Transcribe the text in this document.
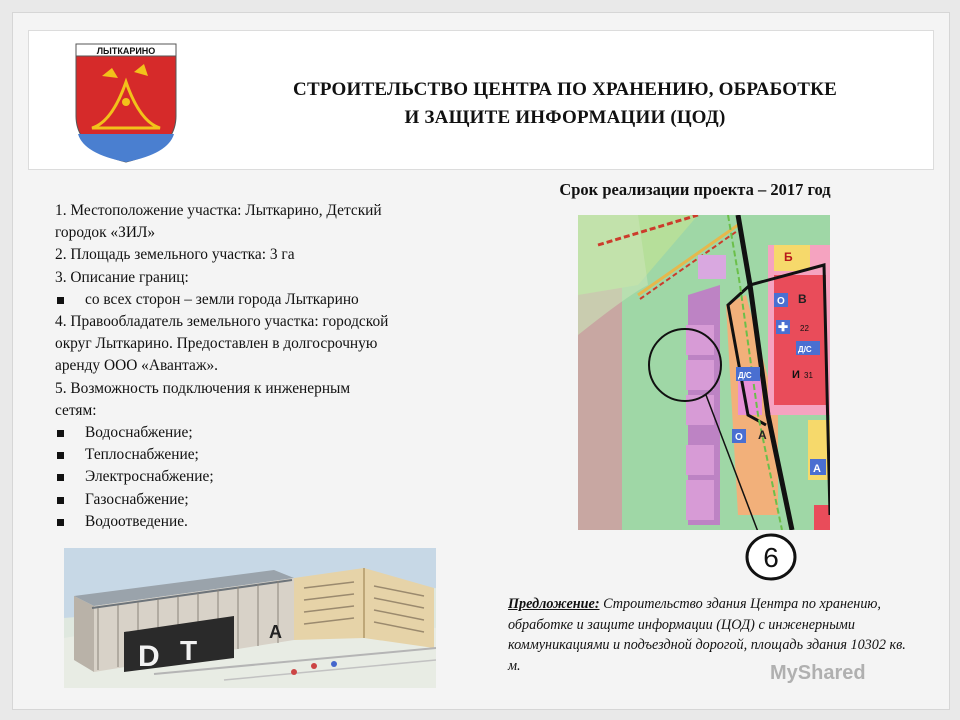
ЛЫТКАРИНО
СТРОИТЕЛЬСТВО ЦЕНТРА ПО ХРАНЕНИЮ, ОБРАБОТКЕ
И ЗАЩИТЕ ИНФОРМАЦИИ (ЦОД)
1. Местоположение участка: Лыткарино, Детский
городок «ЗИЛ»
2. Площадь земельного участка: 3 га
3. Описание границ:
со всех сторон – земли города Лыткарино
4. Правообладатель земельного участка: городской
округ Лыткарино. Предоставлен в долгосрочную
аренду ООО «Авантаж».
5. Возможность подключения к инженерным
сетям:
Водоснабжение;
Теплоснабжение;
Электроснабжение;
Газоснабжение;
Водоотведение.
Срок реализации проекта – 2017 год
Б
В
О
✚ 22
Д/С
Д/С	И 31
О А
А
6
D T
A
Предложение: Строительство здания Центра по хранению, обработке и защите информации (ЦОД) с инженерными коммуникациями и подъездной дорогой, площадь здания 10302 кв. м.	MyShared
